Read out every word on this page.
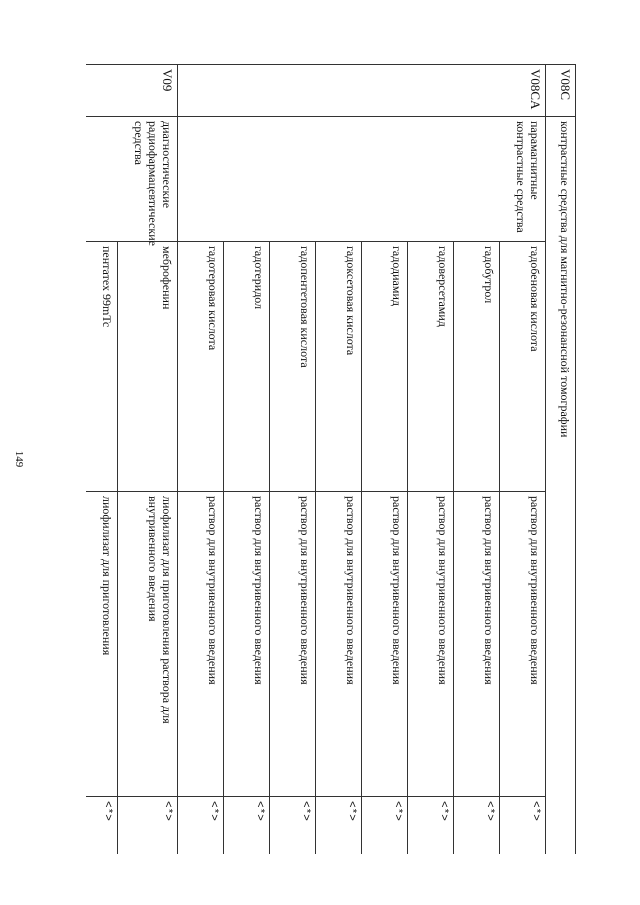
149
V08C	контрастные средства для магнитно-резонансной томографии			
V08CA	парамагнитные контрастные средства	гадобеновая кислота	раствор для внутривенного введения	<*>
		гадобутрол	раствор для внутривенного введения	<*>
		гадоверсетамид	раствор для внутривенного введения	<*>
		гадодиамид	раствор для внутривенного введения	<*>
		гадоксетовая кислота	раствор для внутривенного введения	<*>
		гадопентетовая кислота	раствор для внутривенного введения	<*>
		гадотеридол	раствор для внутривенного введения	<*>
		гадотеровая кислота	раствор для внутривенного введения	<*>
V09	диагностические радиофармацевтические средства	меброфенин	лиофилизат для приготовления раствора для внутривенного введения	<*>
		пентатех 99mTc	лиофилизат для приготовления	<*>
